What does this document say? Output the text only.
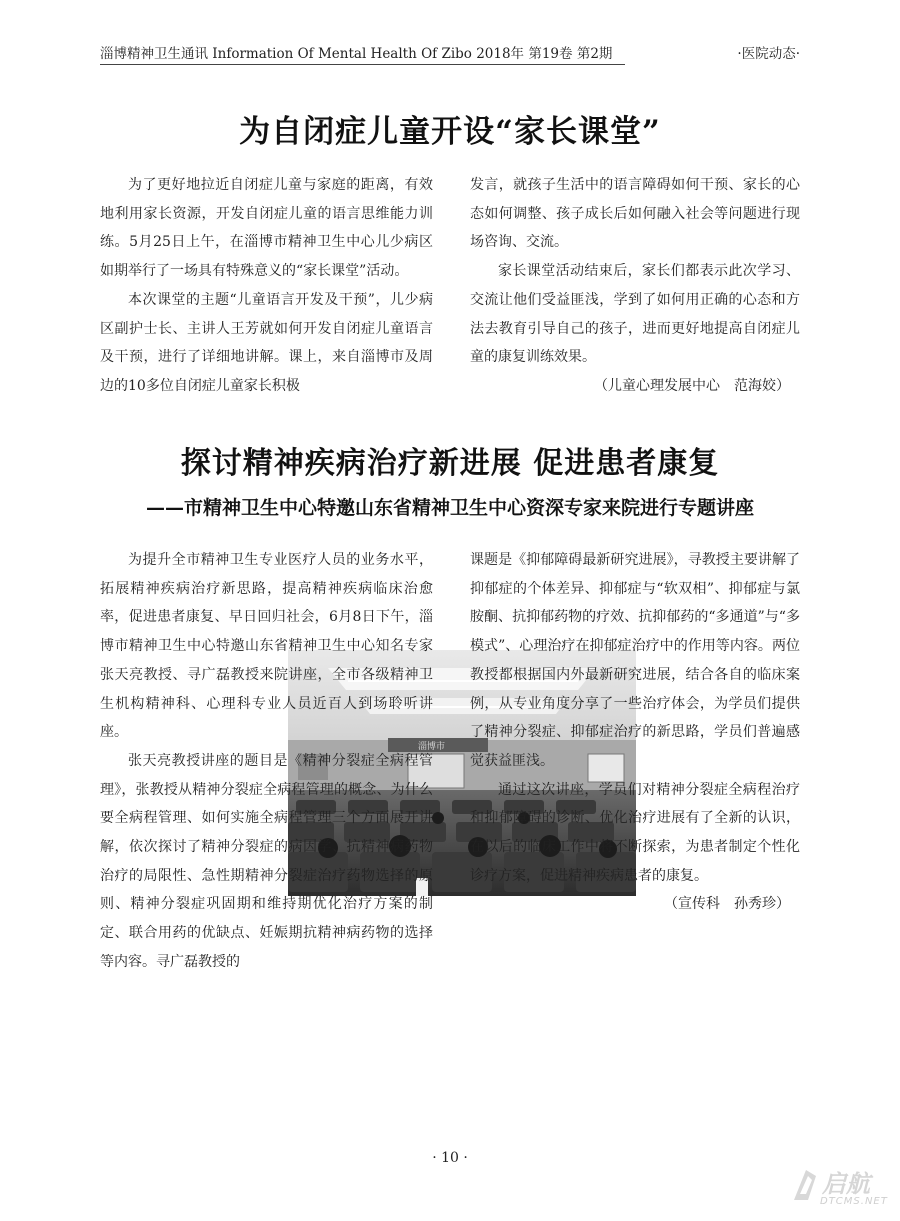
淄博精神卫生通讯 Information Of Mental Health Of Zibo 2018年 第19卷 第2期	·医院动态·
为自闭症儿童开设“家长课堂”

为了更好地拉近自闭症儿童与家庭的距离，有效地利用家长资源，开发自闭症儿童的语言思维能力训练。5月25日上午，在淄博市精神卫生中心儿少病区如期举行了一场具有特殊意义的“家长课堂”活动。

本次课堂的主题“儿童语言开发及干预”，儿少病区副护士长、主讲人王芳就如何开发自闭症儿童语言及干预，进行了详细地讲解。课上，来自淄博市及周边的10多位自闭症儿童家长积极

发言，就孩子生活中的语言障碍如何干预、家长的心态如何调整、孩子成长后如何融入社会等问题进行现场咨询、交流。

家长课堂活动结束后，家长们都表示此次学习、交流让他们受益匪浅，学到了如何用正确的心态和方法去教育引导自己的孩子，进而更好地提高自闭症儿童的康复训练效果。

（儿童心理发展中心　范海姣）

探讨精神疾病治疗新进展 促进患者康复
——市精神卫生中心特邀山东省精神卫生中心资深专家来院进行专题讲座
淄博市

为提升全市精神卫生专业医疗人员的业务水平，拓展精神疾病治疗新思路，提高精神疾病临床治愈率，促进患者康复、早日回归社会，6月8日下午，淄博市精神卫生中心特邀山东省精神卫生中心知名专家张天亮教授、寻广磊教授来院讲座，全市各级精神卫生机构精神科、心理科专业人员近百人到场聆听讲座。

张天亮教授讲座的题目是《精神分裂症全病程管理》，张教授从精神分裂症全病程管理的概念、为什么要全病程管理、如何实施全病程管理三个方面展开讲解，依次探讨了精神分裂症的病因学、抗精神病药物治疗的局限性、急性期精神分裂症治疗药物选择的原则、精神分裂症巩固期和维持期优化治疗方案的制定、联合用药的优缺点、妊娠期抗精神病药物的选择等内容。寻广磊教授的

课题是《抑郁障碍最新研究进展》，寻教授主要讲解了抑郁症的个体差异、抑郁症与“软双相”、抑郁症与氯胺酮、抗抑郁药物的疗效、抗抑郁药的“多通道”与“多模式”、心理治疗在抑郁症治疗中的作用等内容。两位教授都根据国内外最新研究进展，结合各自的临床案例，从专业角度分享了一些治疗体会，为学员们提供了精神分裂症、抑郁症治疗的新思路，学员们普遍感觉获益匪浅。

通过这次讲座，学员们对精神分裂症全病程治疗和抑郁障碍的诊断、优化治疗进展有了全新的认识，在以后的临床工作中将不断探索，为患者制定个性化诊疗方案，促进精神疾病患者的康复。

（宣传科　孙秀珍）

· 10 ·
启航
DTCMS.NET
